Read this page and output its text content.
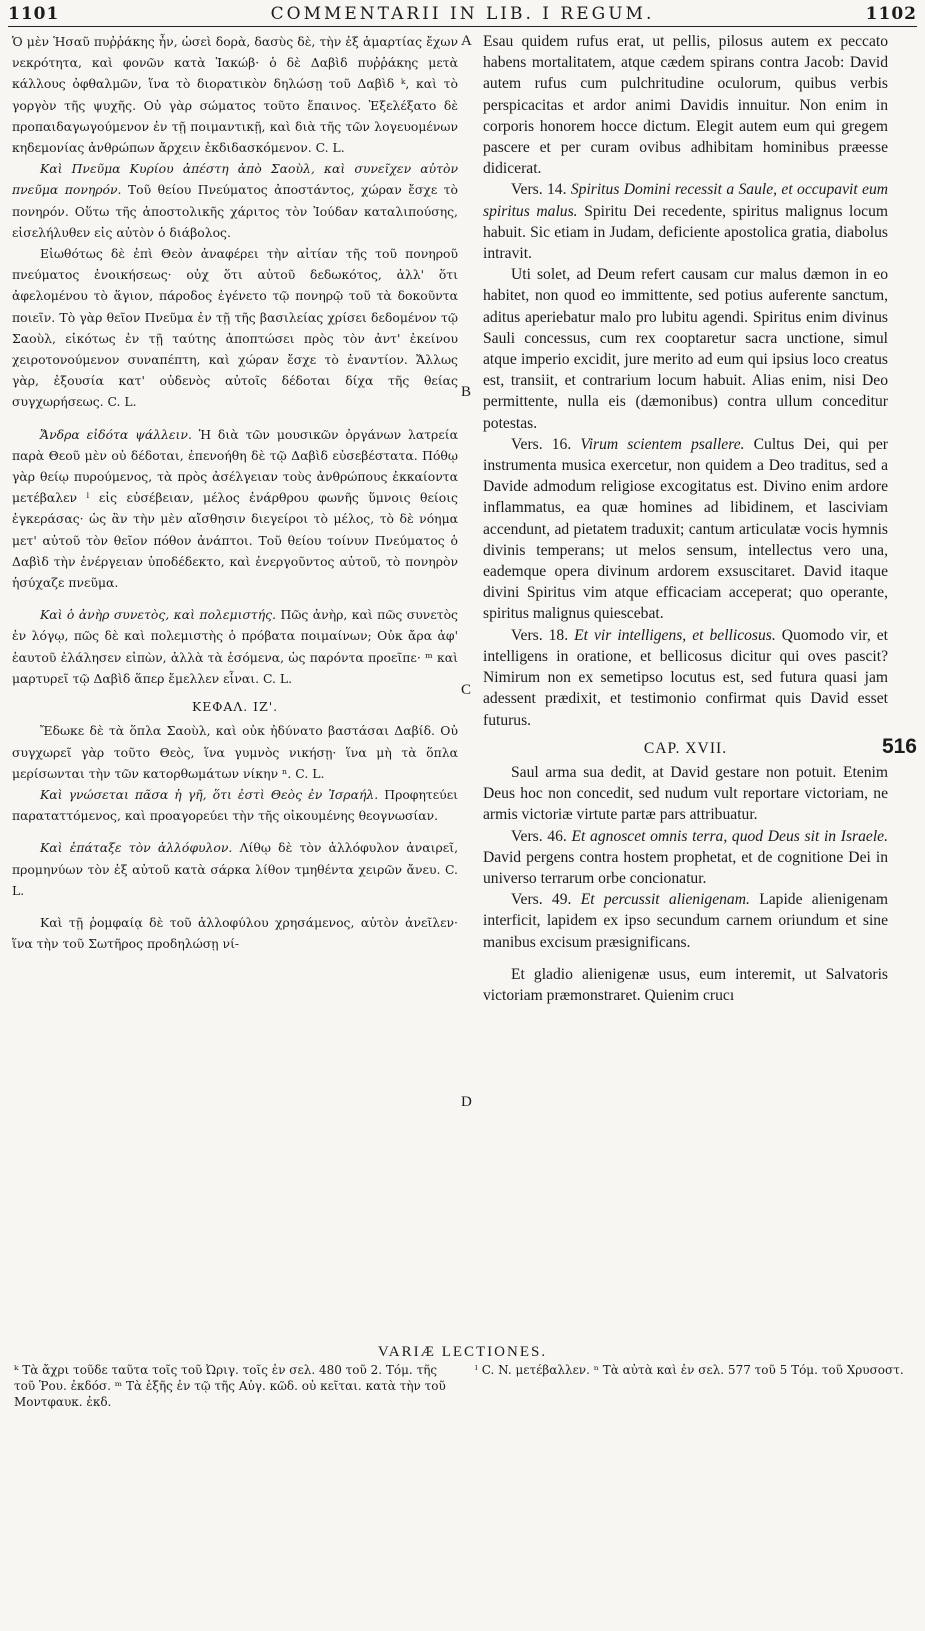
1101	COMMENTARII IN LIB. I REGUM.	1102

Ὁ μὲν Ἡσαῦ πυῤῥάκης ἦν, ὡσεὶ δορὰ, δασὺς δὲ, τὴν ἐξ ἁμαρτίας ἔχων νεκρότητα, καὶ φονῶν κατὰ Ἰακώβ· ὁ δὲ Δαβὶδ πυῤῥάκης μετὰ κάλλους ὀφθαλμῶν, ἵνα τὸ διορατικὸν δηλώσῃ τοῦ Δαβὶδ ᵏ, καὶ τὸ γοργὸν τῆς ψυχῆς. Οὐ γὰρ σώματος τοῦτο ἔπαινος. Ἐξελέξατο δὲ προπαιδαγωγούμενον ἐν τῇ ποιμαντικῇ, καὶ διὰ τῆς τῶν λογευομένων κηδεμονίας ἀνθρώπων ἄρχειν ἐκδιδασκόμενον. C. L.

Καὶ Πνεῦμα Κυρίου ἀπέστη ἀπὸ Σαοὺλ, καὶ συνεῖχεν αὐτὸν πνεῦμα πονηρόν. Τοῦ θείου Πνεύματος ἀποστάντος, χώραν ἔσχε τὸ πονηρόν. Οὕτω τῆς ἀποστολικῆς χάριτος τὸν Ἰούδαν καταλιπούσης, εἰσελήλυθεν εἰς αὐτὸν ὁ διάβολος.

Εἰωθότως δὲ ἐπὶ Θεὸν ἀναφέρει τὴν αἰτίαν τῆς τοῦ πονηροῦ πνεύματος ἐνοικήσεως· οὐχ ὅτι αὐτοῦ δεδωκότος, ἀλλ' ὅτι ἀφελομένου τὸ ἅγιον, πάροδος ἐγένετο τῷ πονηρῷ τοῦ τὰ δοκοῦντα ποιεῖν. Τὸ γὰρ θεῖον Πνεῦμα ἐν τῇ τῆς βασιλείας χρίσει δεδομένον τῷ Σαοὺλ, εἰκότως ἐν τῇ ταύτης ἀποπτώσει πρὸς τὸν ἀντ' ἐκείνου χειροτονούμενον συναπέπτη, καὶ χώραν ἔσχε τὸ ἐναντίον. Ἄλλως γὰρ, ἐξουσία κατ' οὐδενὸς αὐτοῖς δέδοται δίχα τῆς θείας συγχωρήσεως. C. L.

Ἄνδρα εἰδότα ψάλλειν. Ἡ διὰ τῶν μουσικῶν ὀργάνων λατρεία παρὰ Θεοῦ μὲν οὐ δέδοται, ἐπενοήθη δὲ τῷ Δαβὶδ εὐσεβέστατα. Πόθῳ γὰρ θείῳ πυρούμενος, τὰ πρὸς ἀσέλγειαν τοὺς ἀνθρώπους ἐκκαίοντα μετέβαλεν ˡ εἰς εὐσέβειαν, μέλος ἐνάρθρου φωνῆς ὕμνοις θείοις ἐγκεράσας· ὡς ἂν τὴν μὲν αἴσθησιν διεγείροι τὸ μέλος, τὸ δὲ νόημα μετ' αὐτοῦ τὸν θεῖον πόθον ἀνάπτοι. Τοῦ θείου τοίνυν Πνεύματος ὁ Δαβὶδ τὴν ἐνέργειαν ὑποδέδεκτο, καὶ ἐνεργοῦντος αὐτοῦ, τὸ πονηρὸν ἡσύχαζε πνεῦμα.

Καὶ ὁ ἀνὴρ συνετὸς, καὶ πολεμιστής. Πῶς ἀνὴρ, καὶ πῶς συνετὸς ἐν λόγῳ, πῶς δὲ καὶ πολεμιστὴς ὁ πρόβατα ποιμαίνων; Οὐκ ἄρα ἀφ' ἑαυτοῦ ἐλάλησεν εἰπὼν, ἀλλὰ τὰ ἐσόμενα, ὡς παρόντα προεῖπε· ᵐ καὶ μαρτυρεῖ τῷ Δαβὶδ ἅπερ ἔμελλεν εἶναι. C. L.

ΚΕΦΑΛ. ΙΖ'.

Ἔδωκε δὲ τὰ ὅπλα Σαοὺλ, καὶ οὐκ ἠδύνατο βαστάσαι Δαβίδ. Οὐ συγχωρεῖ γὰρ τοῦτο Θεὸς, ἵνα γυμνὸς νικήσῃ· ἵνα μὴ τὰ ὅπλα μερίσωνται τὴν τῶν κατορθωμάτων νίκην ⁿ. C. L.

Καὶ γνώσεται πᾶσα ἡ γῆ, ὅτι ἐστὶ Θεὸς ἐν Ἰσραήλ. Προφητεύει παραταττόμενος, καὶ προαγορεύει τὴν τῆς οἰκουμένης θεογνωσίαν.

Καὶ ἐπάταξε τὸν ἀλλόφυλον. Λίθῳ δὲ τὸν ἀλλόφυλον ἀναιρεῖ, προμηνύων τὸν ἐξ αὐτοῦ κατὰ σάρκα λίθον τμηθέντα χειρῶν ἄνευ. C. L.

Καὶ τῇ ῥομφαίᾳ δὲ τοῦ ἀλλοφύλου χρησάμενος, αὐτὸν ἀνεῖλεν· ἵνα τὴν τοῦ Σωτῆρος προδηλώσῃ νί-

A
B
C
D

Esau quidem rufus erat, ut pellis, pilosus autem ex peccato habens mortalitatem, atque cædem spirans contra Jacob: David autem rufus cum pulchritudine oculorum, quibus verbis perspicacitas et ardor animi Davidis innuitur. Non enim in corporis honorem hocce dictum. Elegit autem eum qui gregem pascere et per curam ovibus adhibitam hominibus præesse didicerat.

Vers. 14. Spiritus Domini recessit a Saule, et occupavit eum spiritus malus. Spiritu Dei recedente, spiritus malignus locum habuit. Sic etiam in Judam, deficiente apostolica gratia, diabolus intravit.

Uti solet, ad Deum refert causam cur malus dæmon in eo habitet, non quod eo immittente, sed potius auferente sanctum, aditus aperiebatur malo pro lubitu agendi. Spiritus enim divinus Sauli concessus, cum rex cooptaretur sacra unctione, simul atque imperio excidit, jure merito ad eum qui ipsius loco creatus est, transiit, et contrarium locum habuit. Alias enim, nisi Deo permittente, nulla eis (dæmonibus) contra ullum conceditur potestas.

Vers. 16. Virum scientem psallere. Cultus Dei, qui per instrumenta musica exercetur, non quidem a Deo traditus, sed a Davide admodum religiose excogitatus est. Divino enim ardore inflammatus, ea quæ homines ad libidinem, et lasciviam accendunt, ad pietatem traduxit; cantum articulatæ vocis hymnis divinis temperans; ut melos sensum, intellectus vero una, eademque opera divinum ardorem exsuscitaret. David itaque divini Spiritus vim atque efficaciam acceperat; quo operante, spiritus malignus quiescebat.

Vers. 18. Et vir intelligens, et bellicosus. Quomodo vir, et intelligens in oratione, et bellicosus dicitur qui oves pascit? Nimirum non ex semetipso locutus est, sed futura quasi jam adessent prædixit, et testimonio confirmat quis David esset futurus.

CAP. XVII.

Saul arma sua dedit, at David gestare non potuit. Etenim Deus hoc non concedit, sed nudum vult reportare victoriam, ne armis victoriæ virtute partæ pars attribuatur.

Vers. 46. Et agnoscet omnis terra, quod Deus sit in Israele. David pergens contra hostem prophetat, et de cognitione Dei in universo terrarum orbe concionatur.

Vers. 49. Et percussit alienigenam. Lapide alienigenam interficit, lapidem ex ipso secundum carnem oriundum et sine manibus excisum præsignificans.

Et gladio alienigenæ usus, eum interemit, ut Salvatoris victoriam præmonstraret. Quienim crucı

516
VARIÆ LECTIONES.

ᵏ Τὰ ἄχρι τοῦδε ταῦτα τοῖς τοῦ Ὠριγ. τοῖς ἐν σελ. 480 τοῦ 2. Τόμ. τῆς τοῦ Ῥου. ἐκδόσ. ᵐ Τὰ ἑξῆς ἐν τῷ τῆς Αὐγ. κῶδ. οὐ κεῖται. κατὰ τὴν τοῦ Μοντφαυκ. ἐκδ.

ˡ C. N. μετέβαλλεν. ⁿ Τὰ αὐτὰ καὶ ἐν σελ. 577 τοῦ 5 Τόμ. τοῦ Χρυσοστ.
